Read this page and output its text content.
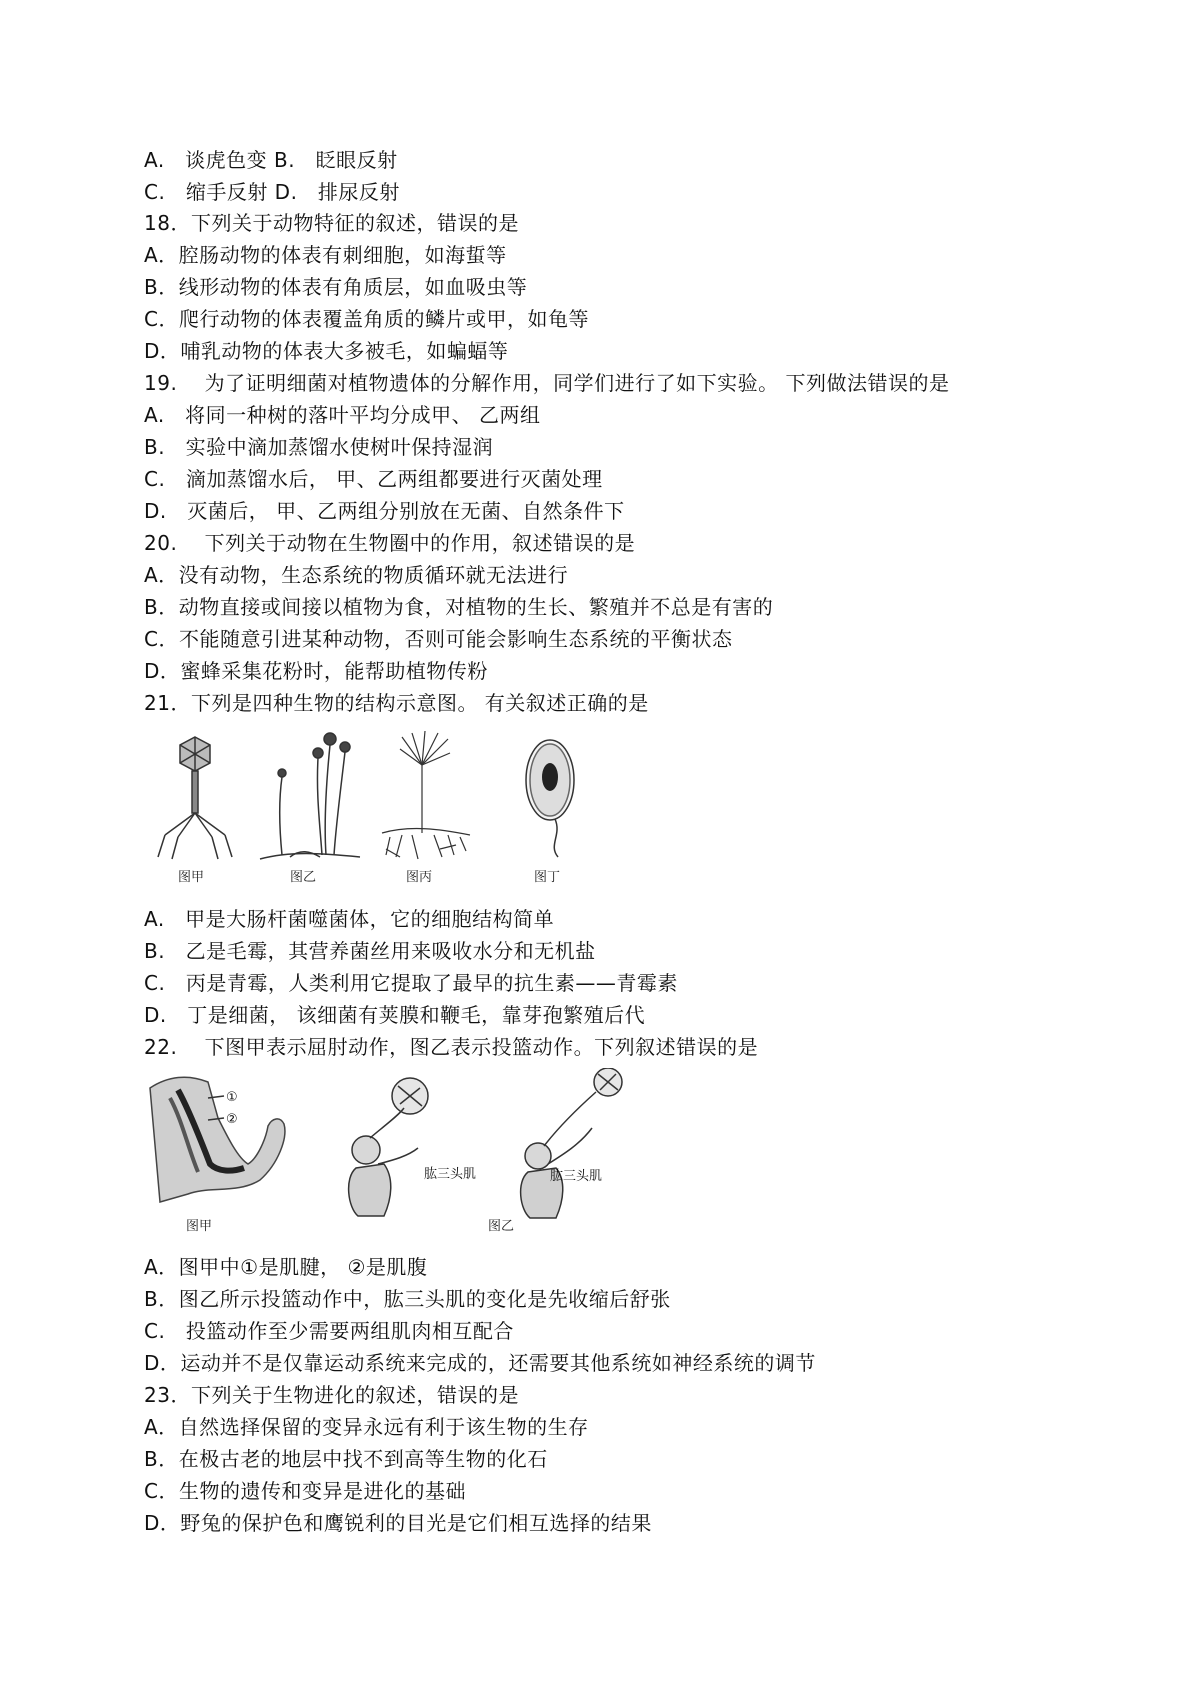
A.　谈虎色变 B.　眨眼反射
C.　缩手反射 D.　排尿反射
18．下列关于动物特征的叙述，错误的是
A．腔肠动物的体表有刺细胞，如海蜇等
B．线形动物的体表有角质层，如血吸虫等
C．爬行动物的体表覆盖角质的鳞片或甲，如龟等
D．哺乳动物的体表大多被毛，如蝙蝠等
19.　 为了证明细菌对植物遗体的分解作用，同学们进行了如下实验。 下列做法错误的是
A.　将同一种树的落叶平均分成甲、 乙两组
B.　实验中滴加蒸馏水使树叶保持湿润
C.　滴加蒸馏水后， 甲、乙两组都要进行灭菌处理
D.　灭菌后， 甲、乙两组分别放在无菌、自然条件下
20.　 下列关于动物在生物圈中的作用，叙述错误的是
A．没有动物，生态系统的物质循环就无法进行
B．动物直接或间接以植物为食，对植物的生长、繁殖并不总是有害的
C．不能随意引进某种动物，否则可能会影响生态系统的平衡状态
D．蜜蜂采集花粉时，能帮助植物传粉
21．下列是四种生物的结构示意图。 有关叙述正确的是
图甲	图乙	图丙	图丁
A.　甲是大肠杆菌噬菌体，它的细胞结构简单
B.　乙是毛霉，其营养菌丝用来吸收水分和无机盐
C.　丙是青霉，人类利用它提取了最早的抗生素——青霉素
D.　丁是细菌， 该细菌有荚膜和鞭毛，靠芽孢繁殖后代
22.　 下图甲表示屈肘动作，图乙表示投篮动作。下列叙述错误的是
①
②
图甲
肱三头肌	肱三头肌
图乙
A．图甲中①是肌腱， ②是肌腹
B．图乙所示投篮动作中，肱三头肌的变化是先收缩后舒张
C.　投篮动作至少需要两组肌肉相互配合
D．运动并不是仅靠运动系统来完成的，还需要其他系统如神经系统的调节
23．下列关于生物进化的叙述，错误的是
A．自然选择保留的变异永远有利于该生物的生存
B．在极古老的地层中找不到高等生物的化石
C．生物的遗传和变异是进化的基础
D．野兔的保护色和鹰锐利的目光是它们相互选择的结果
